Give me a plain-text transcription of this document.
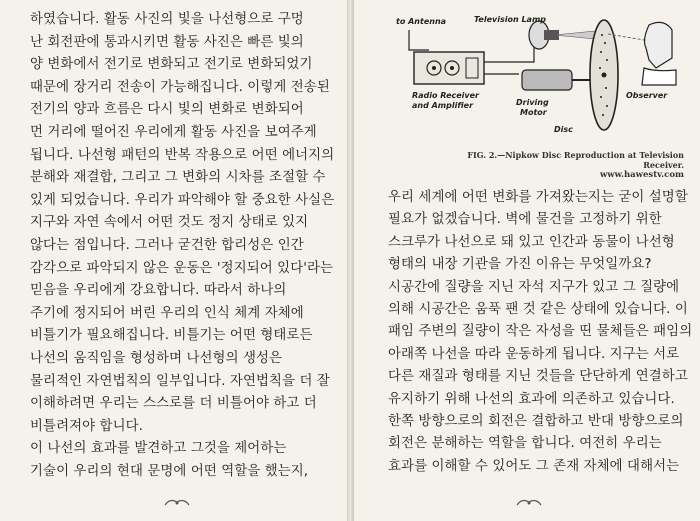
하였습니다. 활동 사진의 빛을 나선형으로 구멍
난 회전판에 통과시키면 활동 사진은 빠른 빛의
양 변화에서 전기로 변화되고 전기로 변화되었기
때문에 장거리 전송이 가능해집니다. 이렇게 전송된
전기의 양과 흐름은 다시 빛의 변화로 변화되어
먼 거리에 떨어진 우리에게 활동 사진을 보여주게
됩니다. 나선형 패턴의 반복 작용으로 어떤 에너지의
분해와 재결합, 그리고 그 변화의 시차를 조절할 수
있게 되었습니다. 우리가 파악해야 할 중요한 사실은
지구와 자연 속에서 어떤 것도 정지 상태로 있지
않다는 점입니다. 그러나 굳건한 합리성은 인간
감각으로 파악되지 않은 운동은 '정지되어 있다'라는
믿음을 우리에게 강요합니다. 따라서 하나의
주기에 정지되어 버린 우리의 인식 체계 자체에
비틀기가 필요해집니다. 비틀기는 어떤 형태로든
나선의 움직임을 형성하며 나선형의 생성은
물리적인 자연법칙의 일부입니다. 자연법칙을 더 잘
이해하려면 우리는 스스로를 더 비틀어야 하고 더
비틀려져야 합니다.
이 나선의 효과를 발견하고 그것을 제어하는
기술이 우리의 현대 문명에 어떤 역할을 했는지,
to Antenna	Television Lamp
Observer
Radio Receiver
and Amplifier	Driving
Motor
Disc
FIG. 2.—Nipkow Disc Reproduction at Television Receiver.
www.hawestv.com
우리 세계에 어떤 변화를 가져왔는지는 굳이 설명할
필요가 없겠습니다. 벽에 물건을 고정하기 위한
스크루가 나선으로 돼 있고 인간과 동물이 나선형
형태의 내장 기관을 가진 이유는 무엇일까요?
시공간에 질량을 지닌 자석 지구가 있고 그 질량에
의해 시공간은 움푹 팬 것 같은 상태에 있습니다. 이
패임 주변의 질량이 작은 자성을 띤 물체들은 패임의
아래쪽 나선을 따라 운동하게 됩니다. 지구는 서로
다른 재질과 형태를 지닌 것들을 단단하게 연결하고
유지하기 위해 나선의 효과에 의존하고 있습니다.
한쪽 방향으로의 회전은 결합하고 반대 방향으로의
회전은 분해하는 역할을 합니다. 여전히 우리는
효과를 이해할 수 있어도 그 존재 자체에 대해서는
